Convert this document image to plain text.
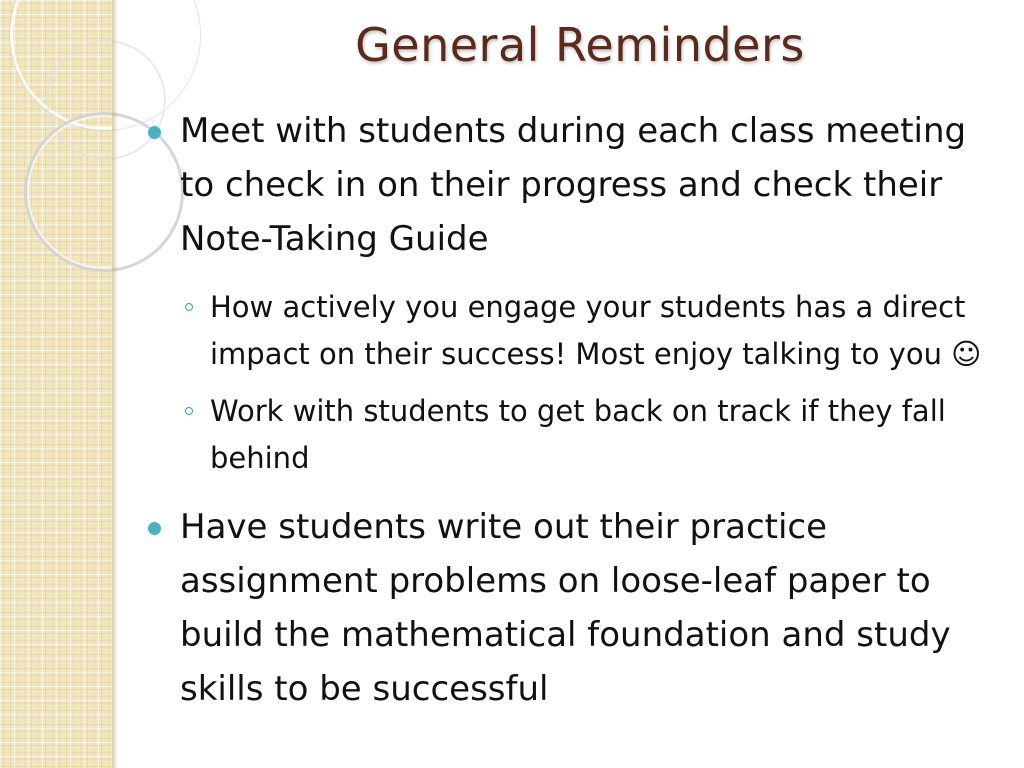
General Reminders
Meet with students during each class meeting to check in on their progress and check their Note-Taking Guide
How actively you engage your students has a direct impact on their success! Most enjoy talking to you ☺
Work with students to get back on track if they fall behind
Have students write out their practice assignment problems on loose-leaf paper to build the mathematical foundation and study skills to be successful
